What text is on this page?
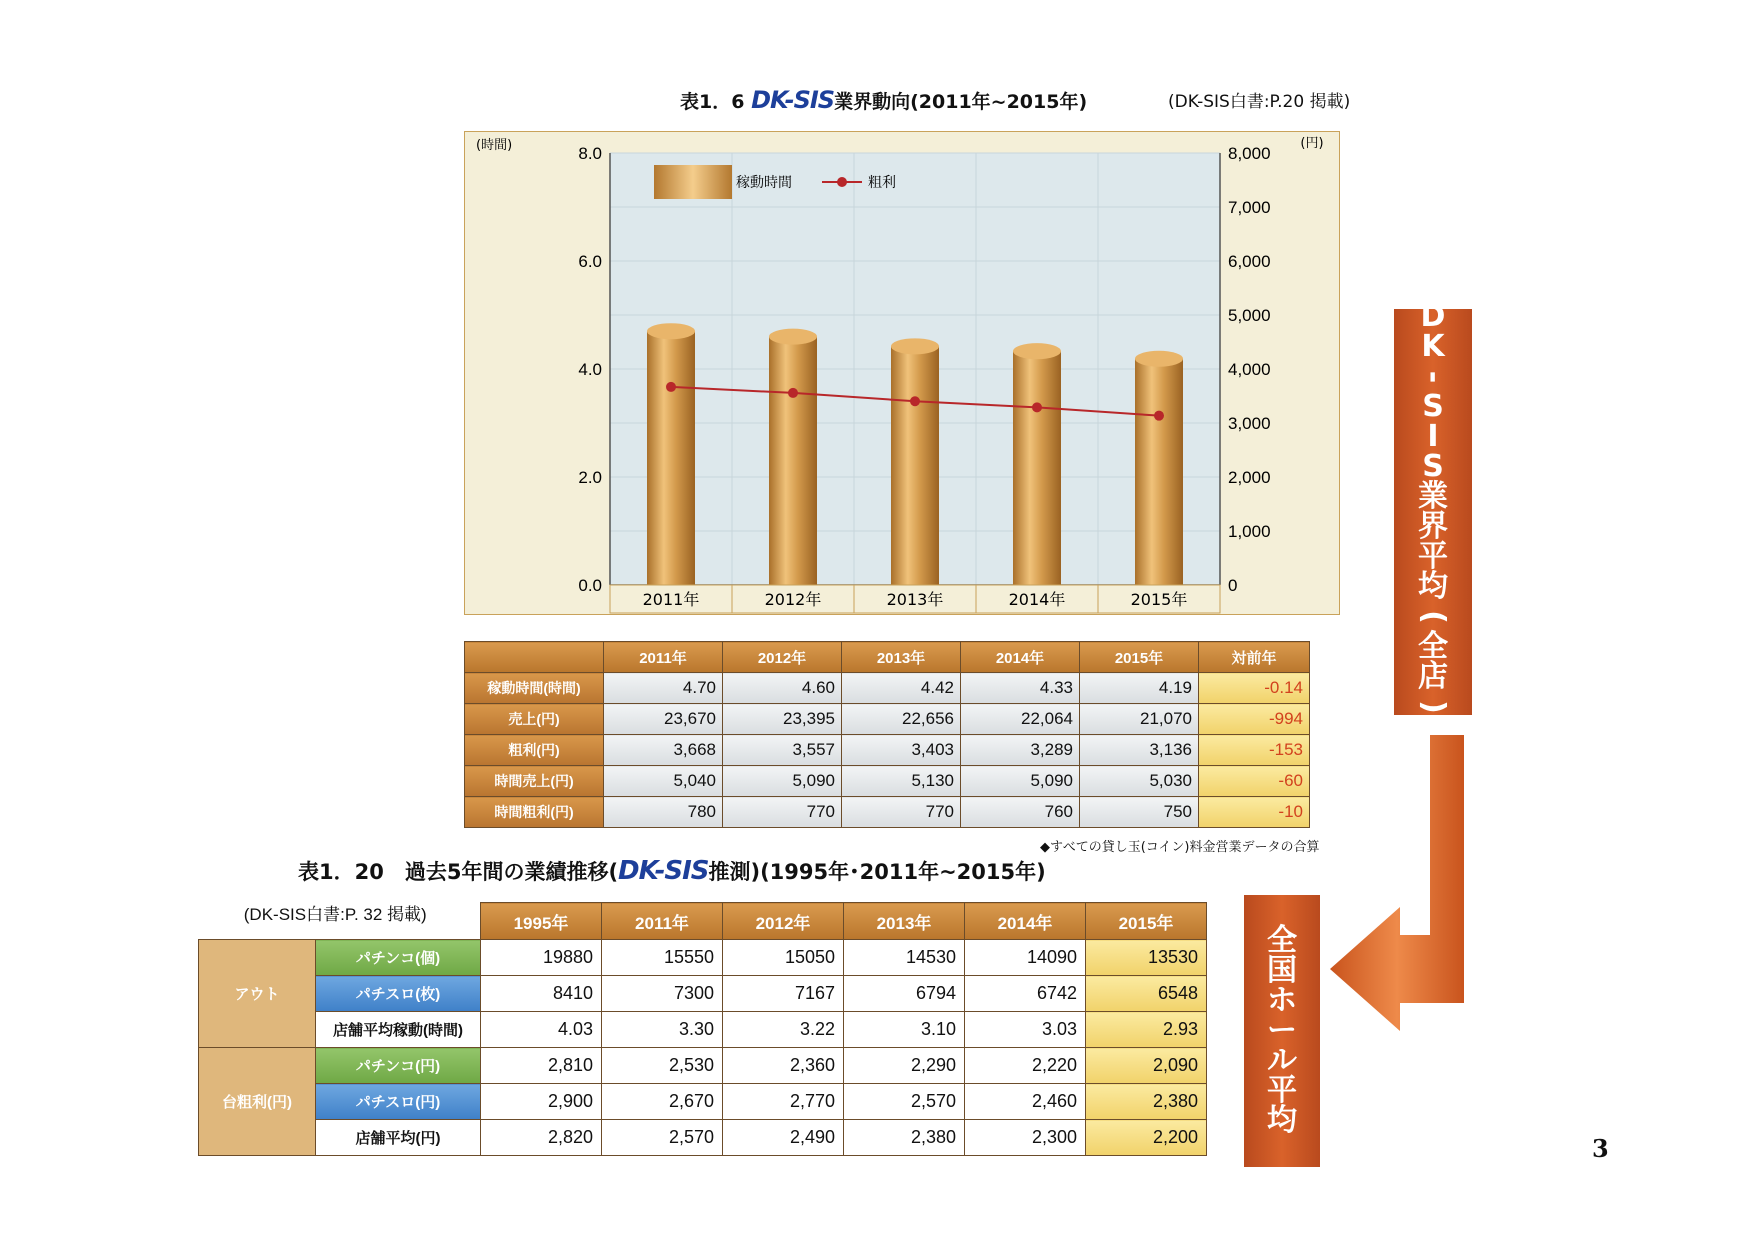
表1．6 DK-SIS業界動向(2011年~2015年)	(DK-SIS白書:P.20 掲載)
0.0
2.0
4.0
6.0
8.0
0
1,000
2,000
3,000
4,000
5,000
6,000
7,000
8,000
2011年	2012年	2013年	2014年	2015年
(時間)	(円)
稼動時間	粗利
	2011年	2012年	2013年	2014年	2015年	対前年
稼動時間(時間)	4.70	4.60	4.42	4.33	4.19	-0.14
売上(円)	23,670	23,395	22,656	22,064	21,070	-994
粗利(円)	3,668	3,557	3,403	3,289	3,136	-153
時間売上(円)	5,040	5,090	5,130	5,090	5,030	-60
時間粗利(円)	780	770	770	760	750	-10
◆すべての貸し玉(コイン)料金営業データの合算
表1．20　過去5年間の業績推移(DK-SIS推測)(1995年･2011年~2015年)
(DK-SIS白書:P. 32 掲載)		1995年	2011年	2012年	2013年	2014年	2015年
アウト	パチンコ(個)	19880	15550	15050	14530	14090	13530
	パチスロ(枚)	8410	7300	7167	6794	6742	6548
	店舗平均稼動(時間)	4.03	3.30	3.22	3.10	3.03	2.93
台粗利(円)	パチンコ(円)	2,810	2,530	2,360	2,290	2,220	2,090
	パチスロ(円)	2,900	2,670	2,770	2,570	2,460	2,380
	店舗平均(円)	2,820	2,570	2,490	2,380	2,300	2,200
D
K
-
S
I
S
業
界
平
均
(
全
店
)
全
国
ホ
ー
ル
平
均
3
